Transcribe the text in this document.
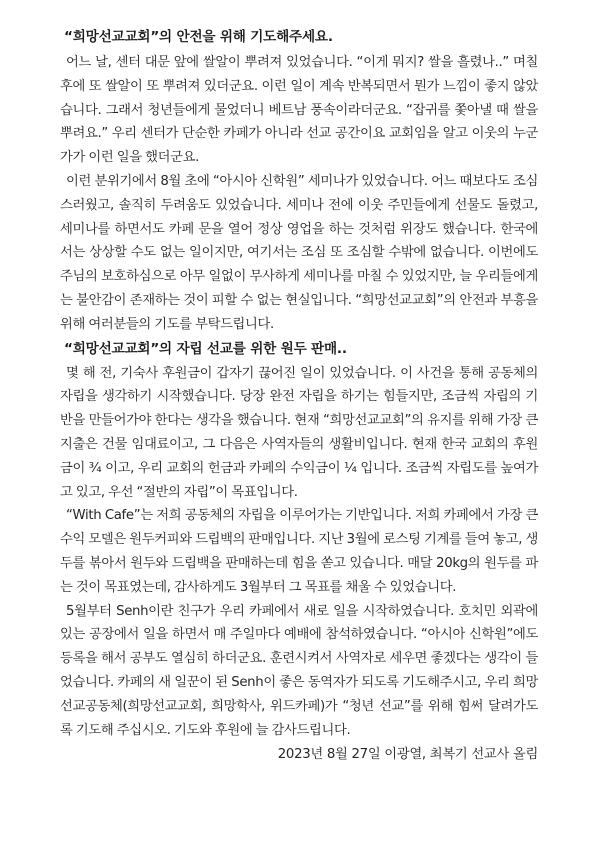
“희망선교교회”의 안전을 위해 기도해주세요.

어느 날, 센터 대문 앞에 쌀알이 뿌려져 있었습니다. “이게 뭐지? 쌀을 흘렸나..” 며칠 후에 또 쌀알이 또 뿌려져 있더군요. 이런 일이 계속 반복되면서 뭔가 느낌이 좋지 않았습니다. 그래서 청년들에게 물었더니 베트남 풍속이라더군요. “잡귀를 쫓아낼 때 쌀을 뿌려요.” 우리 센터가 단순한 카페가 아니라 선교 공간이요 교회임을 알고 이웃의 누군가가 이런 일을 했더군요.

이런 분위기에서 8월 초에 “아시아 신학원” 세미나가 있었습니다. 어느 때보다도 조심스러웠고, 솔직히 두려움도 있었습니다. 세미나 전에 이웃 주민들에게 선물도 돌렸고, 세미나를 하면서도 카페 문을 열어 정상 영업을 하는 것처럼 위장도 했습니다. 한국에서는 상상할 수도 없는 일이지만, 여기서는 조심 또 조심할 수밖에 없습니다. 이번에도 주님의 보호하심으로 아무 일없이 무사하게 세미나를 마칠 수 있었지만, 늘 우리들에게는 불안감이 존재하는 것이 피할 수 없는 현실입니다. “희망선교교회”의 안전과 부흥을 위해 여러분들의 기도를 부탁드립니다.

“희망선교교회”의 자립 선교를 위한 원두 판매..

몇 해 전, 기숙사 후원금이 갑자기 끊어진 일이 있었습니다. 이 사건을 통해 공동체의 자립을 생각하기 시작했습니다. 당장 완전 자립을 하기는 힘들지만, 조금씩 자립의 기반을 만들어가야 한다는 생각을 했습니다. 현재 “희망선교교회”의 유지를 위해 가장 큰 지출은 건물 임대료이고, 그 다음은 사역자들의 생활비입니다. 현재 한국 교회의 후원금이 ¾ 이고, 우리 교회의 헌금과 카페의 수익금이 ¼ 입니다. 조금씩 자립도를 높여가고 있고, 우선 “절반의 자립”이 목표입니다.

“With Cafe”는 저희 공동체의 자립을 이루어가는 기반입니다. 저희 카페에서 가장 큰 수익 모델은 원두커피와 드립백의 판매입니다. 지난 3월에 로스팅 기계를 들여 놓고, 생두를 볶아서 원두와 드립백을 판매하는데 힘을 쏟고 있습니다. 매달 20kg의 원두를 파는 것이 목표였는데, 감사하게도 3월부터 그 목표를 채울 수 있었습니다.

5월부터 Senh이란 친구가 우리 카페에서 새로 일을 시작하였습니다. 호치민 외곽에 있는 공장에서 일을 하면서 매 주일마다 예배에 참석하였습니다. “아시아 신학원”에도 등록을 해서 공부도 열심히 하더군요. 훈련시켜서 사역자로 세우면 좋겠다는 생각이 들었습니다. 카페의 새 일꾼이 된 Senh이 좋은 동역자가 되도록 기도해주시고, 우리 희망선교공동체(희망선교교회, 희망학사, 위드카페)가 “청년 선교”를 위해 힘써 달려가도록 기도해 주십시오. 기도와 후원에 늘 감사드립니다.

2023년 8월 27일 이광열, 최복기 선교사 올림
